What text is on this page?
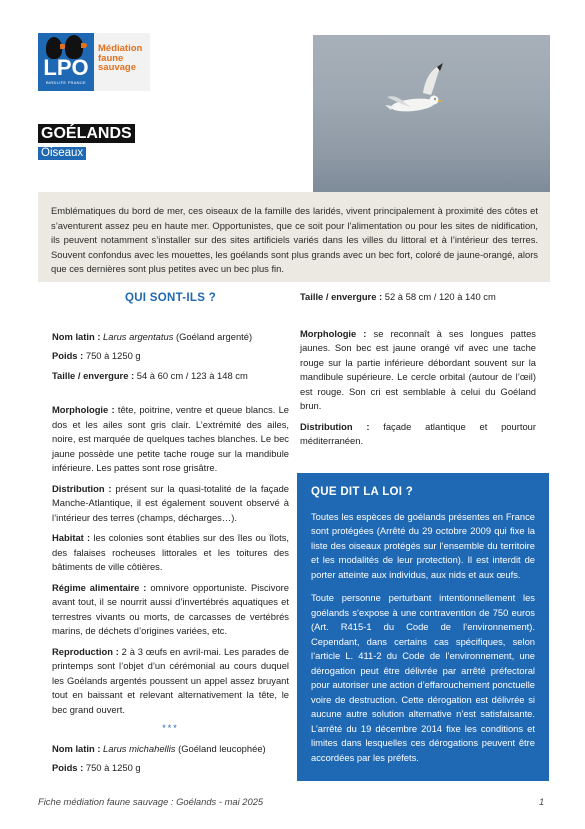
LPO
BIRDLIFE FRANCE
Médiation
faune
sauvage
GOÉLANDS
Oiseaux
Emblématiques du bord de mer, ces oiseaux de la famille des laridés, vivent principalement à proximité des côtes et s’aventurent assez peu en haute mer. Opportunistes, que ce soit pour l’alimentation ou pour les sites de nidification, ils peuvent notamment s’installer sur des sites artificiels variés dans les villes du littoral et à l’intérieur des terres. Souvent confondus avec les mouettes, les goélands sont plus grands avec un bec fort, coloré de jaune-orangé, alors que ces dernières sont plus petites avec un bec plus fin.

QUI SONT-ILS ?

Nom latin : Larus argentatus (Goéland argenté)

Poids : 750 à 1250 g

Taille / envergure : 54 à 60 cm / 123 à 148 cm

Morphologie : tête, poitrine, ventre et queue blancs. Le dos et les ailes sont gris clair. L’extrémité des ailes, noire, est marquée de quelques taches blanches. Le bec jaune possède une petite tache rouge sur la mandibule inférieure. Les pattes sont rose grisâtre.

Distribution : présent sur la quasi-totalité de la façade Manche-Atlantique, il est également souvent observé à l’intérieur des terres (champs, décharges…).

Habitat : les colonies sont établies sur des îles ou îlots, des falaises rocheuses littorales et les toitures des bâtiments de ville côtières.

Régime alimentaire : omnivore opportuniste. Piscivore avant tout, il se nourrit aussi d’invertébrés aquatiques et terrestres vivants ou morts, de carcasses de vertébrés marins, de déchets d’origines variées, etc.

Reproduction : 2 à 3 œufs en avril-mai. Les parades de printemps sont l’objet d’un cérémonial au cours duquel les Goélands argentés poussent un appel assez bruyant tout en baissant et relevant alternativement la tête, le bec grand ouvert.

***

Nom latin : Larus michahellis (Goéland leucophée)

Poids : 750 à 1250 g

Taille / envergure : 52 à 58 cm / 120 à 140 cm

Morphologie : se reconnaît à ses longues pattes jaunes. Son bec est jaune orangé vif avec une tache rouge sur la partie inférieure débordant souvent sur la mandibule supérieure. Le cercle orbital (autour de l’œil) est rouge. Son cri est semblable à celui du Goéland brun.

Distribution : façade atlantique et pourtour méditerranéen.

QUE DIT LA LOI ?

Toutes les espèces de goélands présentes en France sont protégées (Arrêté du 29 octobre 2009 qui fixe la liste des oiseaux protégés sur l’ensemble du territoire et les modalités de leur protection). Il est interdit de porter atteinte aux individus, aux nids et aux œufs.

Toute personne perturbant intentionnellement les goélands s’expose à une contravention de 750 euros (Art. R415-1 du Code de l’environnement). Cependant, dans certains cas spécifiques, selon l’article L. 411-2 du Code de l’environnement, une dérogation peut être délivrée par arrêté préfectoral pour autoriser une action d’effarouchement ponctuelle voire de destruction. Cette dérogation est délivrée si aucune autre solution alternative n’est satisfaisante. L’arrêté du 19 décembre 2014 fixe les conditions et limites dans lesquelles ces dérogations peuvent être accordées par les préfets.

Fiche médiation faune sauvage : Goélands - mai 2025	1
